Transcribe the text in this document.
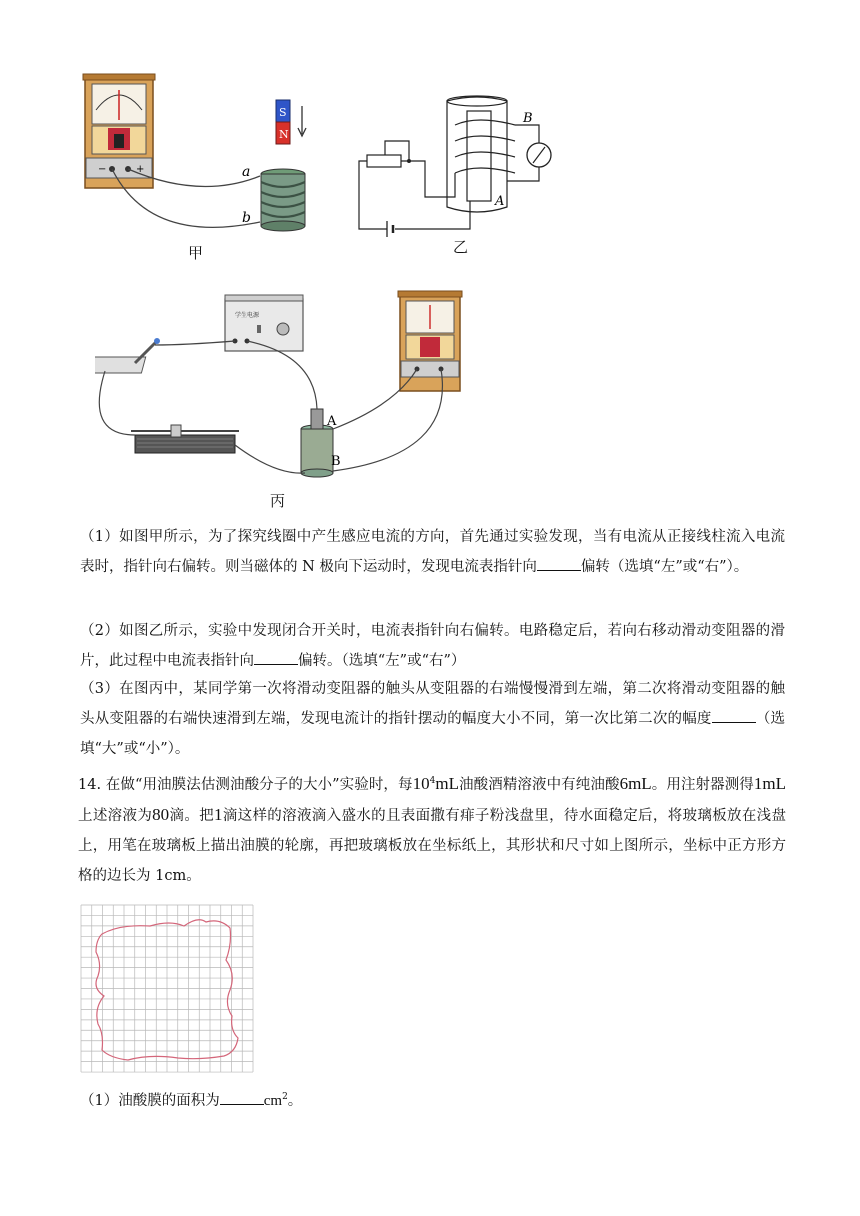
−	+	a
b
S
N
甲
B
A
乙
学生电源
A
B
丙
（1）如图甲所示，为了探究线圈中产生感应电流的方向，首先通过实验发现，当有电流从正接线柱流入电流表时，指针向右偏转。则当磁体的 N 极向下运动时，发现电流表指针向	偏转（选填“左”或“右”）。
（2）如图乙所示，实验中发现闭合开关时，电流表指针向右偏转。电路稳定后，若向右移动滑动变阻器的滑片，此过程中电流表指针向	偏转。（选填“左”或“右”）
（3）在图丙中，某同学第一次将滑动变阻器的触头从变阻器的右端慢慢滑到左端，第二次将滑动变阻器的触头从变阻器的右端快速滑到左端，发现电流计的指针摆动的幅度大小不同，第一次比第二次的幅度	（选填“大”或“小”）。
14. 在做“用油膜法估测油酸分子的大小”实验时，每$10^4mL$油酸酒精溶液中有纯油酸6mL。用注射器测得1mL上述溶液为80滴。把1滴这样的溶液滴入盛水的且表面撒有痱子粉浅盘里，待水面稳定后，将玻璃板放在浅盘上，用笔在玻璃板上描出油膜的轮廓，再把玻璃板放在坐标纸上，其形状和尺寸如上图所示，坐标中正方形方格的边长为 1cm。
（1）油酸膜的面积为	$cm^2$。
